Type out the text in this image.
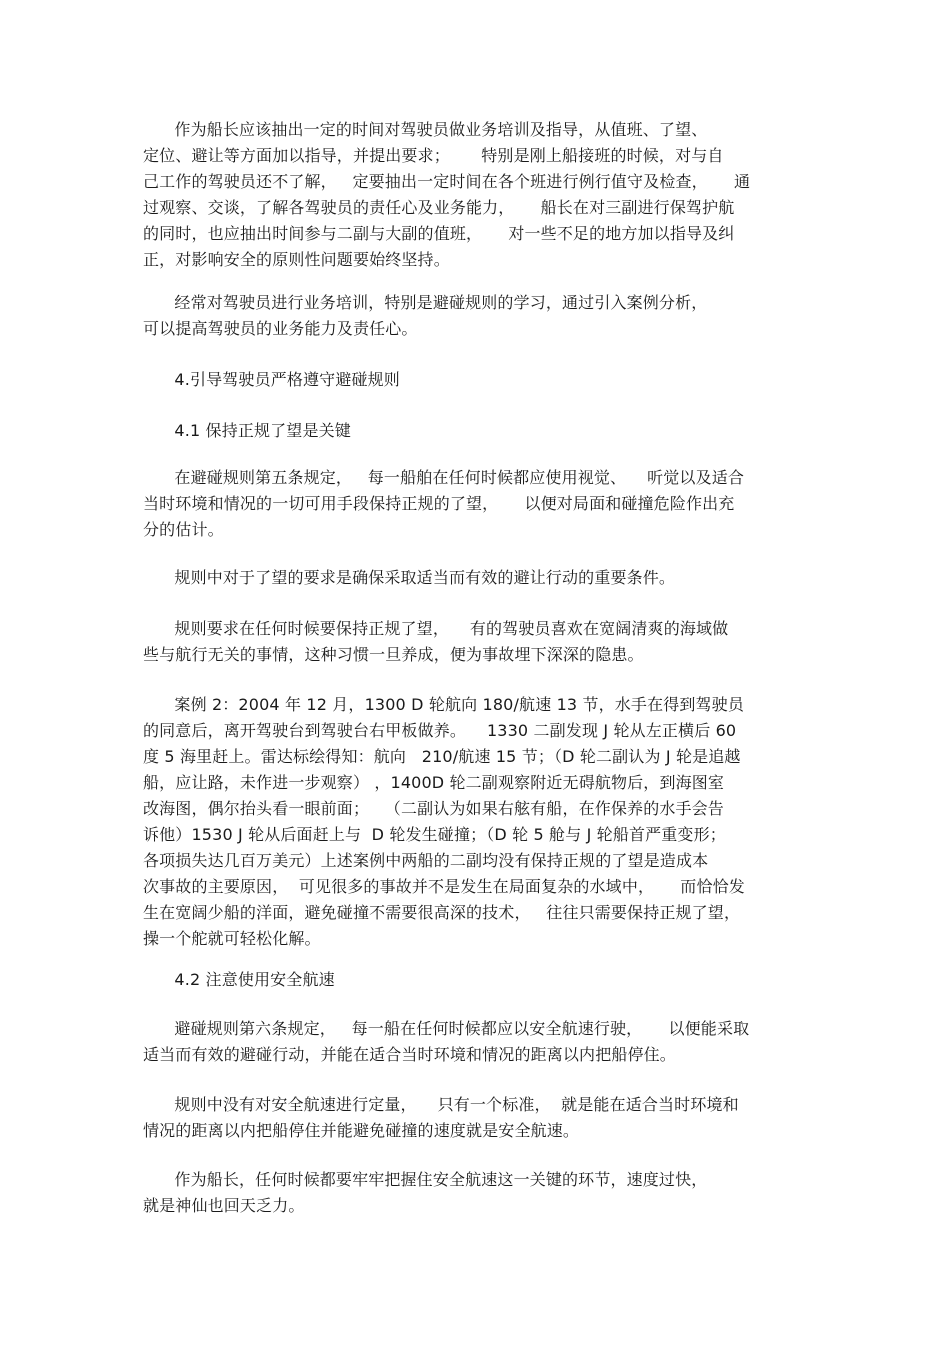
作为船长应该抽出一定的时间对驾驶员做业务培训及指导，从值班、了望、
定位、避让等方面加以指导，并提出要求；      特别是刚上船接班的时候，对与自
己工作的驾驶员还不了解，   定要抽出一定时间在各个班进行例行值守及检查，     通
过观察、交谈，了解各驾驶员的责任心及业务能力，     船长在对三副进行保驾护航
的同时，也应抽出时间参与二副与大副的值班，     对一些不足的地方加以指导及纠
正，对影响安全的原则性问题要始终坚持。

经常对驾驶员进行业务培训，特别是避碰规则的学习，通过引入案例分析，
可以提高驾驶员的业务能力及责任心。

4.引导驾驶员严格遵守避碰规则

4.1 保持正规了望是关键

在避碰规则第五条规定，   每一船舶在任何时候都应使用视觉、    听觉以及适合
当时环境和情况的一切可用手段保持正规的了望，     以便对局面和碰撞危险作出充
分的估计。

规则中对于了望的要求是确保采取适当而有效的避让行动的重要条件。

规则要求在任何时候要保持正规了望，    有的驾驶员喜欢在宽阔清爽的海域做
些与航行无关的事情，这种习惯一旦养成，便为事故埋下深深的隐患。

案例 2：2004 年 12 月，1300 D 轮航向 180/航速 13 节，水手在得到驾驶员
的同意后，离开驾驶台到驾驶台右甲板做养。    1330 二副发现 J 轮从左正横后 60
度 5 海里赶上。雷达标绘得知：航向   210/航速 15 节；（D 轮二副认为 J 轮是追越
船，应让路，未作进一步观察） ，1400D 轮二副观察附近无碍航物后，到海图室
改海图，偶尔抬头看一眼前面；   （二副认为如果右舷有船，在作保养的水手会告
诉他）1530 J 轮从后面赶上与  D 轮发生碰撞；（D 轮 5 舱与 J 轮船首严重变形；
各项损失达几百万美元）上述案例中两船的二副均没有保持正规的了望是造成本
次事故的主要原因，  可见很多的事故并不是发生在局面复杂的水域中，     而恰恰发
生在宽阔少船的洋面，避免碰撞不需要很高深的技术，   往往只需要保持正规了望，
操一个舵就可轻松化解。

4.2 注意使用安全航速

避碰规则第六条规定，   每一船在任何时候都应以安全航速行驶，     以便能采取
适当而有效的避碰行动，并能在适合当时环境和情况的距离以内把船停住。

规则中没有对安全航速进行定量，    只有一个标准，  就是能在适合当时环境和
情况的距离以内把船停住并能避免碰撞的速度就是安全航速。

作为船长，任何时候都要牢牢把握住安全航速这一关键的环节，速度过快，
就是神仙也回天乏力。
